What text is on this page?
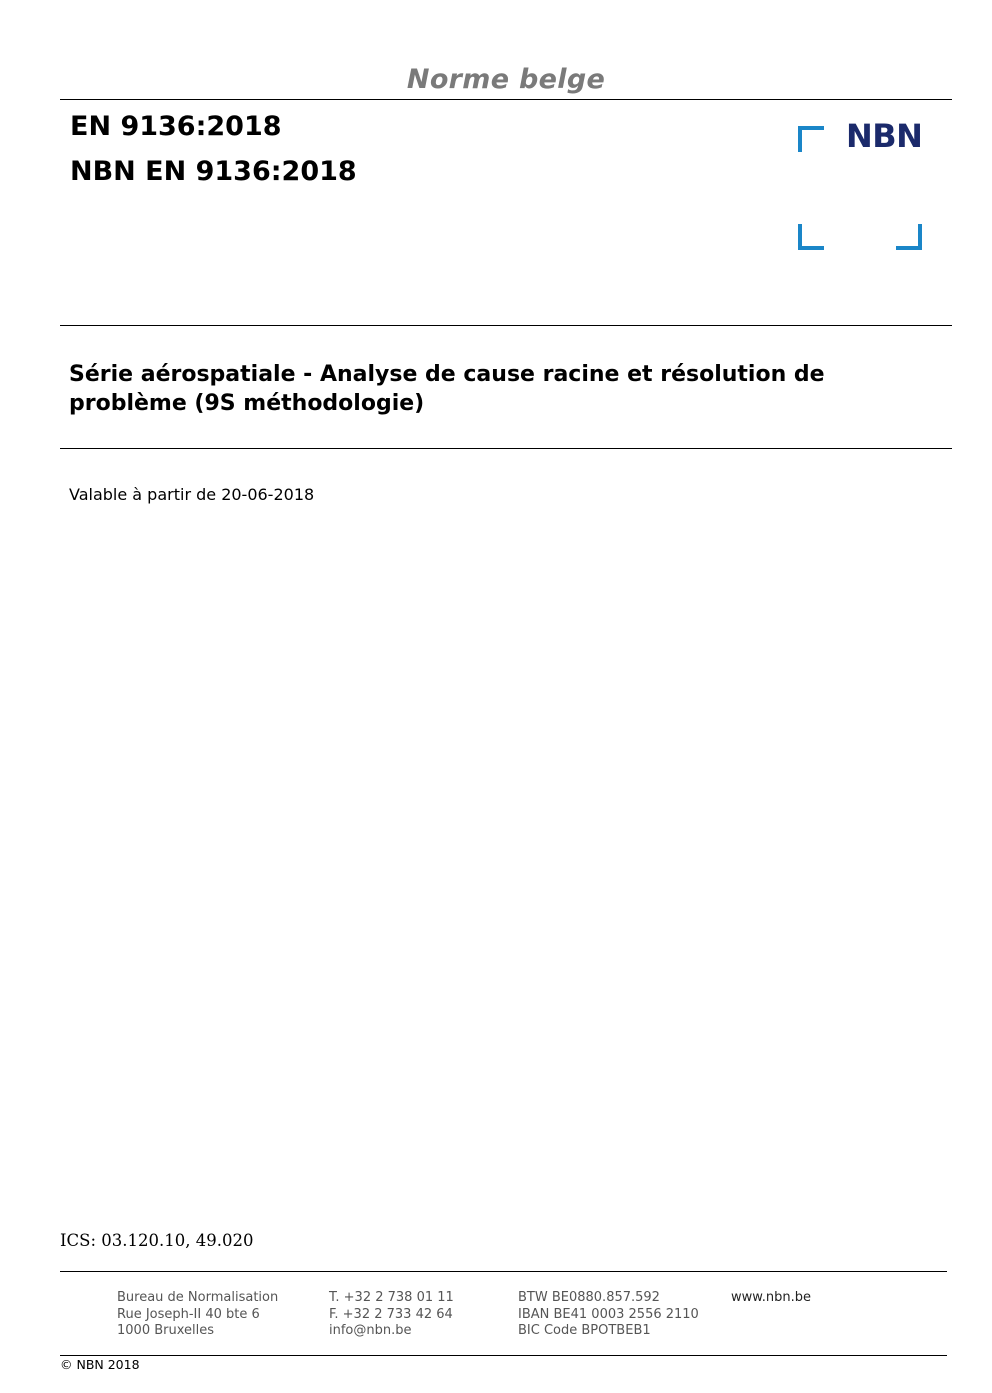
Norme belge
EN 9136:2018
NBN EN 9136:2018
NBN
Série aérospatiale - Analyse de cause racine et résolution de problème (9S méthodologie)
Valable à partir de 20-06-2018
ICS: 03.120.10, 49.020
Bureau de Normalisation
Rue Joseph-II 40 bte 6
1000 Bruxelles
T. +32 2 738 01 11
F. +32 2 733 42 64
info@nbn.be
BTW BE0880.857.592
IBAN BE41 0003 2556 2110
BIC Code BPOTBEB1
www.nbn.be
© NBN 2018
